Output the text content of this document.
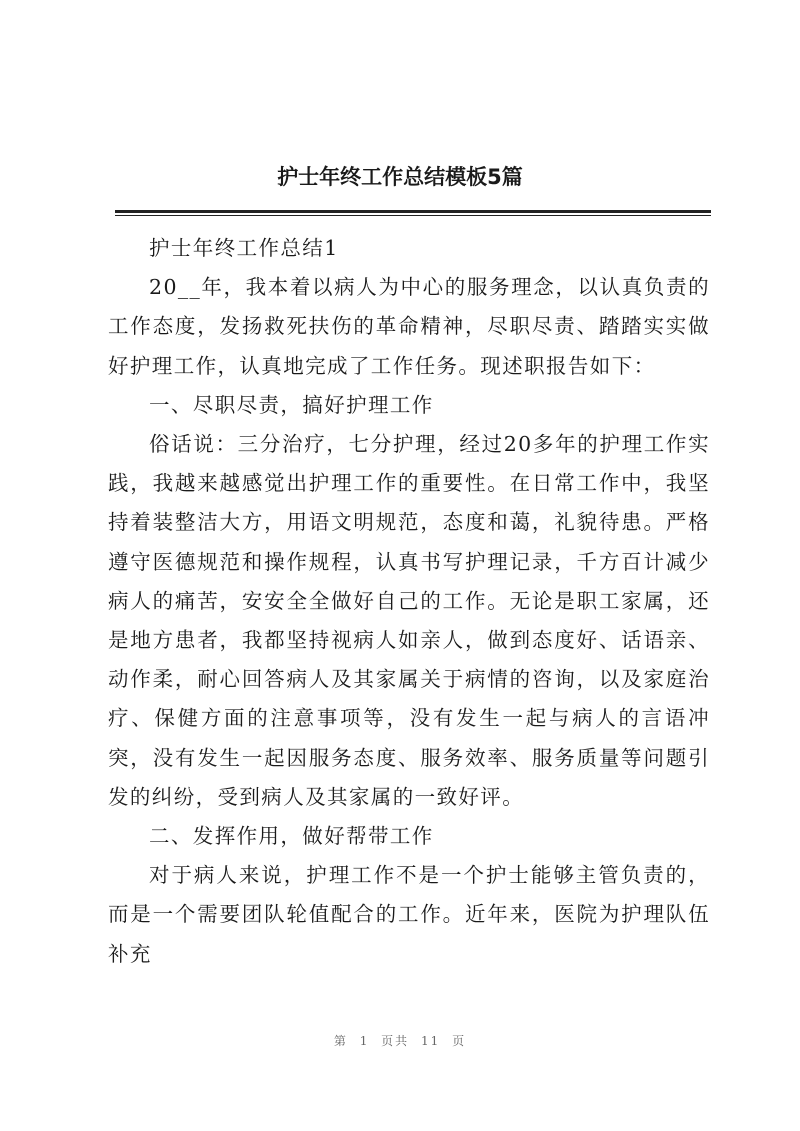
护士年终工作总结模板5篇

护士年终工作总结1

20__年，我本着以病人为中心的服务理念，以认真负责的工作态度，发扬救死扶伤的革命精神，尽职尽责、踏踏实实做好护理工作，认真地完成了工作任务。现述职报告如下：

一、尽职尽责，搞好护理工作

俗话说：三分治疗，七分护理，经过20多年的护理工作实践，我越来越感觉出护理工作的重要性。在日常工作中，我坚持着装整洁大方，用语文明规范，态度和蔼，礼貌待患。严格遵守医德规范和操作规程，认真书写护理记录，千方百计减少病人的痛苦，安安全全做好自己的工作。无论是职工家属，还是地方患者，我都坚持视病人如亲人，做到态度好、话语亲、动作柔，耐心回答病人及其家属关于病情的咨询，以及家庭治疗、保健方面的注意事项等，没有发生一起与病人的言语冲突，没有发生一起因服务态度、服务效率、服务质量等问题引发的纠纷，受到病人及其家属的一致好评。

二、发挥作用，做好帮带工作

对于病人来说，护理工作不是一个护士能够主管负责的，而是一个需要团队轮值配合的工作。近年来，医院为护理队伍补充

第 1 页共 11 页
